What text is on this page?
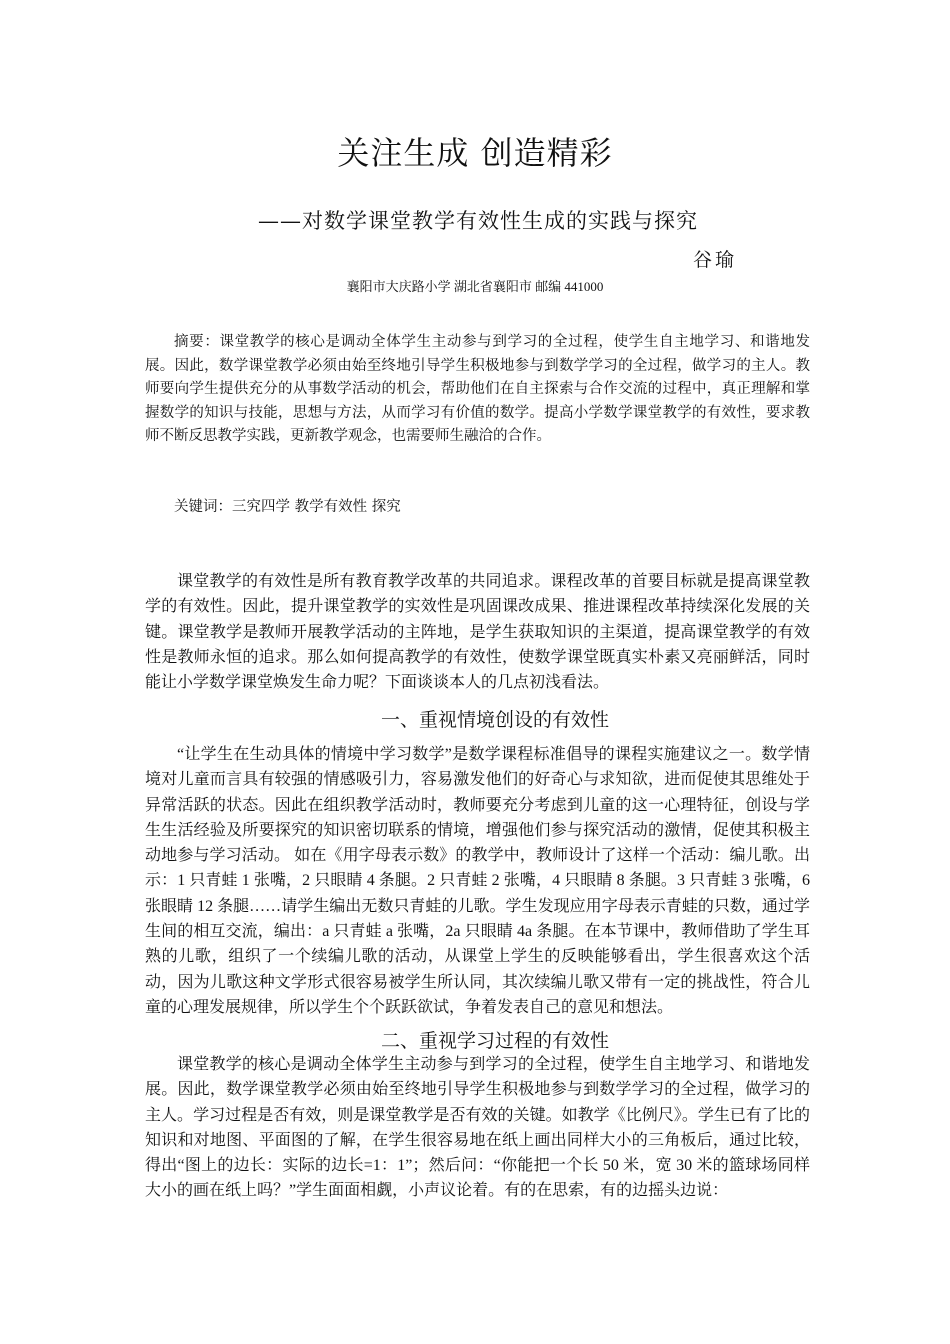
关注生成 创造精彩
——对数学课堂教学有效性生成的实践与探究
谷瑜
襄阳市大庆路小学 湖北省襄阳市 邮编 441000

摘要：课堂教学的核心是调动全体学生主动参与到学习的全过程，使学生自主地学习、和谐地发展。因此，数学课堂教学必须由始至终地引导学生积极地参与到数学学习的全过程，做学习的主人。教师要向学生提供充分的从事数学活动的机会，帮助他们在自主探索与合作交流的过程中，真正理解和掌握数学的知识与技能，思想与方法，从而学习有价值的数学。提高小学数学课堂教学的有效性，要求教师不断反思教学实践，更新教学观念，也需要师生融洽的合作。

关键词：三究四学 教学有效性 探究

课堂教学的有效性是所有教育教学改革的共同追求。课程改革的首要目标就是提高课堂教学的有效性。因此，提升课堂教学的实效性是巩固课改成果、推进课程改革持续深化发展的关键。课堂教学是教师开展教学活动的主阵地，是学生获取知识的主渠道，提高课堂教学的有效性是教师永恒的追求。那么如何提高教学的有效性，使数学课堂既真实朴素又亮丽鲜活，同时能让小学数学课堂焕发生命力呢？下面谈谈本人的几点初浅看法。

一、重视情境创设的有效性

“让学生在生动具体的情境中学习数学”是数学课程标准倡导的课程实施建议之一。数学情境对儿童而言具有较强的情感吸引力，容易激发他们的好奇心与求知欲，进而促使其思维处于异常活跃的状态。因此在组织教学活动时，教师要充分考虑到儿童的这一心理特征，创设与学生生活经验及所要探究的知识密切联系的情境，增强他们参与探究活动的激情，促使其积极主动地参与学习活动。 如在《用字母表示数》的教学中，教师设计了这样一个活动：编儿歌。出示：1 只青蛙 1 张嘴，2 只眼睛 4 条腿。2 只青蛙 2 张嘴，4 只眼睛 8 条腿。3 只青蛙 3 张嘴，6 张眼睛 12 条腿……请学生编出无数只青蛙的儿歌。学生发现应用字母表示青蛙的只数，通过学生间的相互交流，编出：a 只青蛙 a 张嘴，2a 只眼睛 4a 条腿。在本节课中，教师借助了学生耳熟的儿歌，组织了一个续编儿歌的活动，从课堂上学生的反映能够看出，学生很喜欢这个活动，因为儿歌这种文学形式很容易被学生所认同，其次续编儿歌又带有一定的挑战性，符合儿童的心理发展规律，所以学生个个跃跃欲试，争着发表自己的意见和想法。

二、重视学习过程的有效性

课堂教学的核心是调动全体学生主动参与到学习的全过程，使学生自主地学习、和谐地发展。因此，数学课堂教学必须由始至终地引导学生积极地参与到数学学习的全过程，做学习的主人。学习过程是否有效，则是课堂教学是否有效的关键。如教学《比例尺》。学生已有了比的知识和对地图、平面图的了解，在学生很容易地在纸上画出同样大小的三角板后，通过比较，得出“图上的边长：实际的边长=1：1”；然后问：“你能把一个长 50 米，宽 30 米的篮球场同样大小的画在纸上吗？”学生面面相觑，小声议论着。有的在思索，有的边摇头边说：
